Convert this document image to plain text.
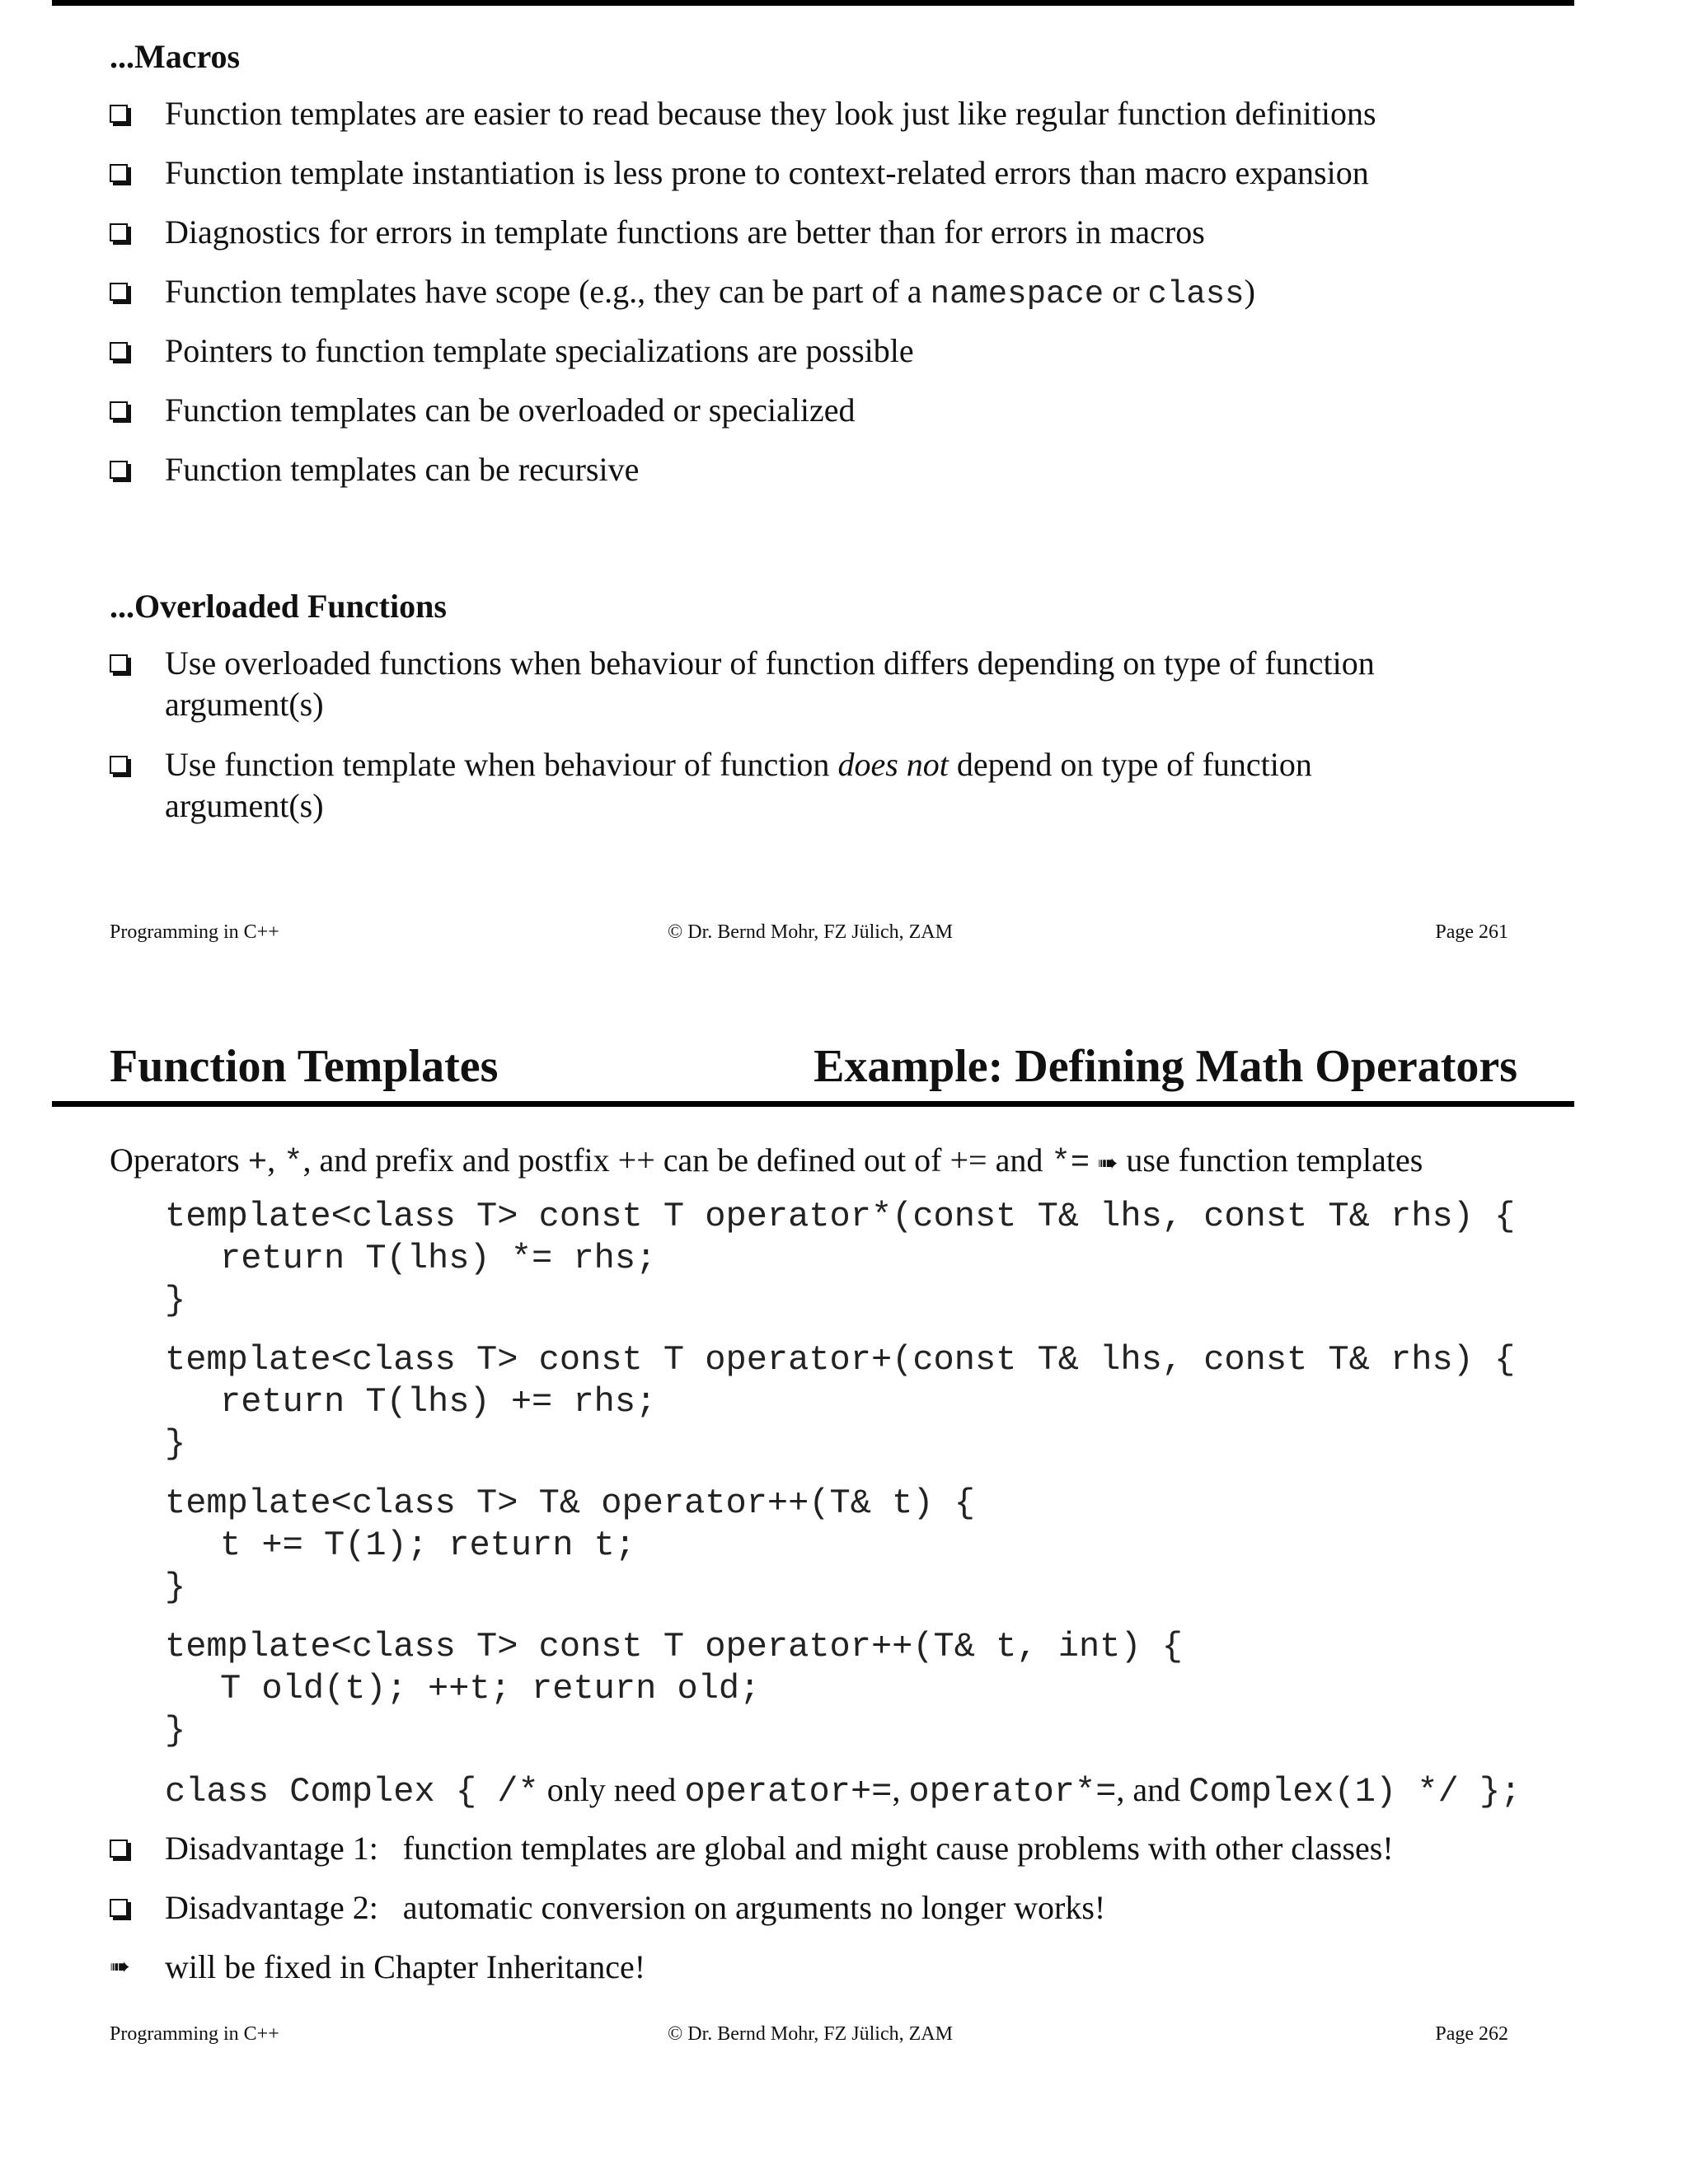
...Macros
Function templates are easier to read because they look just like regular function definitions
Function template instantiation is less prone to context-related errors than macro expansion
Diagnostics for errors in template functions are better than for errors in macros
Function templates have scope (e.g., they can be part of a namespace or class)
Pointers to function template specializations are possible
Function templates can be overloaded or specialized
Function templates can be recursive
...Overloaded Functions
Use overloaded functions when behaviour of function differs depending on type of function
argument(s)
Use function template when behaviour of function does not depend on type of function
argument(s)
Programming in C++	© Dr. Bernd Mohr, FZ Jülich, ZAM	Page 261
Function Templates	Example: Defining Math Operators
Operators +, *, and prefix and postfix ++ can be defined out of += and *= ➠ use function templates
template<class T> const T operator*(const T& lhs, const T& rhs) {
return T(lhs) *= rhs;
}
template<class T> const T operator+(const T& lhs, const T& rhs) {
return T(lhs) += rhs;
}
template<class T> T& operator++(T& t) {
t += T(1); return t;
}
template<class T> const T operator++(T& t, int) {
T old(t); ++t; return old;
}
class Complex { /* only need operator+=, operator*=, and Complex(1) */ };
Disadvantage 1:   function templates are global and might cause problems with other classes!
Disadvantage 2:   automatic conversion on arguments no longer works!
➠ will be fixed in Chapter Inheritance!
Programming in C++	© Dr. Bernd Mohr, FZ Jülich, ZAM	Page 262
